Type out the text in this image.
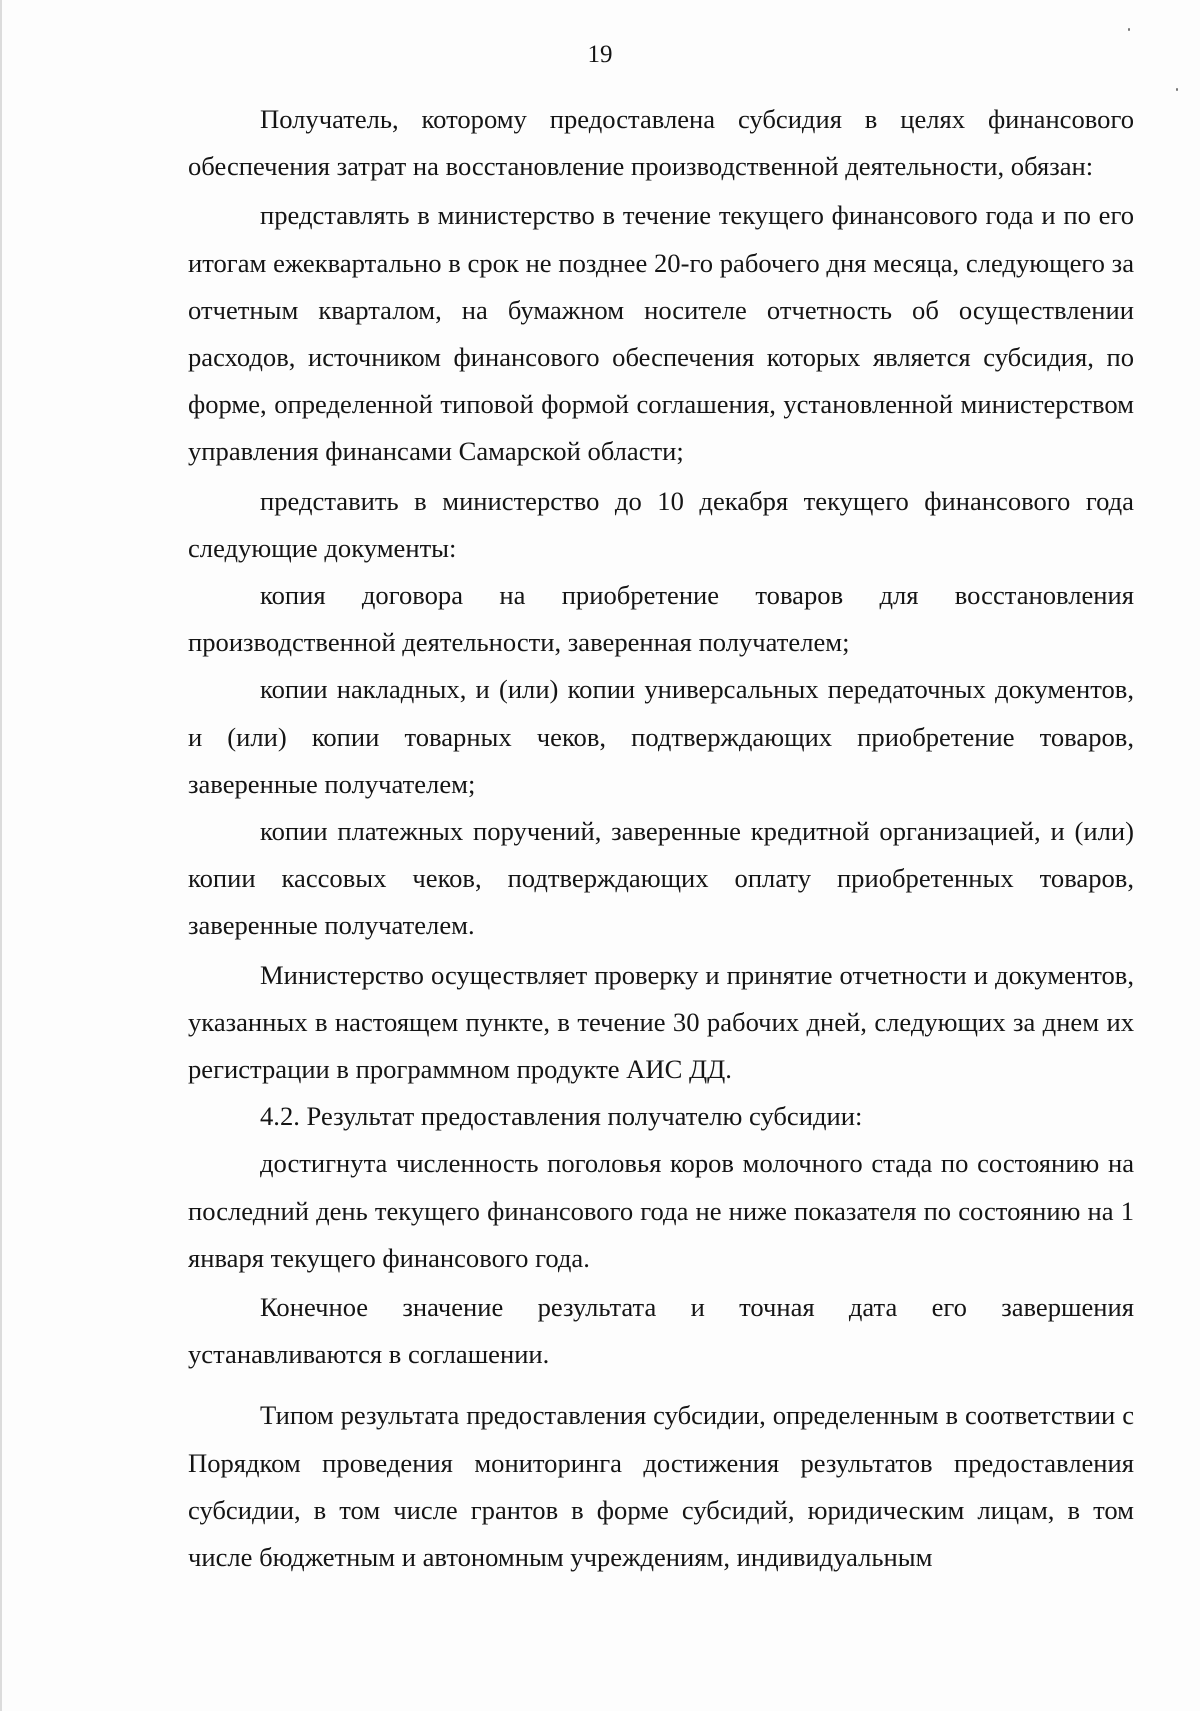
19

Получатель, которому предоставлена субсидия в целях финансового обеспечения затрат на восстановление производственной деятельности, обязан:

представлять в министерство в течение текущего финансового года и по его итогам ежеквартально в срок не позднее 20-го рабочего дня месяца, следующего за отчетным кварталом, на бумажном носителе отчетность об осуществлении расходов, источником финансового обеспечения которых является субсидия, по форме, определенной типовой формой соглашения, установленной министерством управления финансами Самарской области;

представить в министерство до 10 декабря текущего финансового года следующие документы:

копия договора на приобретение товаров для восстановления производственной деятельности, заверенная получателем;

копии накладных, и (или) копии универсальных передаточных документов, и (или) копии товарных чеков, подтверждающих приобретение товаров, заверенные получателем;

копии платежных поручений, заверенные кредитной организацией, и (или) копии кассовых чеков, подтверждающих оплату приобретенных товаров, заверенные получателем.

Министерство осуществляет проверку и принятие отчетности и документов, указанных в настоящем пункте, в течение 30 рабочих дней, следующих за днем их регистрации в программном продукте АИС ДД.

4.2. Результат предоставления получателю субсидии:

достигнута численность поголовья коров молочного стада по состоянию на последний день текущего финансового года не ниже показателя по состоянию на 1 января текущего финансового года.

Конечное значение результата и точная дата его завершения устанавливаются в соглашении.

Типом результата предоставления субсидии, определенным в соответствии с Порядком проведения мониторинга достижения результатов предоставления субсидии, в том числе грантов в форме субсидий, юридическим лицам, в том числе бюджетным и автономным учреждениям, индивидуальным
